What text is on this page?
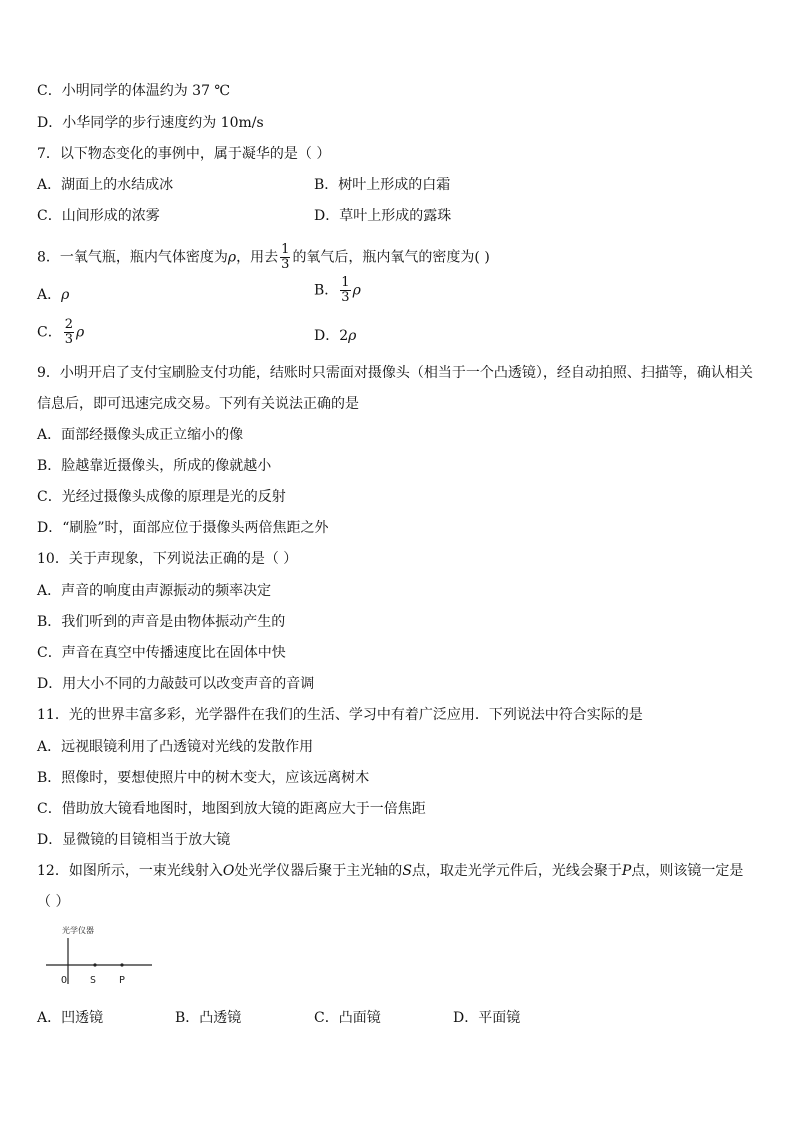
C．小明同学的体温约为 37 ℃
D．小华同学的步行速度约为 10m/s
7．以下物态变化的事例中，属于凝华的是（ ）
A．湖面上的水结成冰	B．树叶上形成的白霜
C．山间形成的浓雾	D．草叶上形成的露珠
8．一氧气瓶，瓶内气体密度为ρ，用去 $\frac{1}{3}$ 的氧气后，瓶内氧气的密度为( )
A．ρ	B． $\frac{1}{3}$ ρ
C． $\frac{2}{3}$ ρ	D．2ρ
9．小明开启了支付宝刷脸支付功能，结账时只需面对摄像头（相当于一个凸透镜），经自动拍照、扫描等，确认相关
信息后，即可迅速完成交易。下列有关说法正确的是
A．面部经摄像头成正立缩小的像
B．脸越靠近摄像头，所成的像就越小
C．光经过摄像头成像的原理是光的反射
D．“刷脸”时，面部应位于摄像头两倍焦距之外
10．关于声现象，下列说法正确的是（ ）
A．声音的响度由声源振动的频率决定
B．我们听到的声音是由物体振动产生的
C．声音在真空中传播速度比在固体中快
D．用大小不同的力敲鼓可以改变声音的音调
11．光的世界丰富多彩，光学器件在我们的生活、学习中有着广泛应用．下列说法中符合实际的是
A．远视眼镜利用了凸透镜对光线的发散作用
B．照像时，要想使照片中的树木变大，应该远离树木
C．借助放大镜看地图时，地图到放大镜的距离应大于一倍焦距
D．显微镜的目镜相当于放大镜
12．如图所示，一束光线射入O处光学仪器后聚于主光轴的S点，取走光学元件后，光线会聚于P点，则该镜一定是
（ ）
光学仪器
O S P
A．凹透镜	B．凸透镜	C．凸面镜	D．平面镜
